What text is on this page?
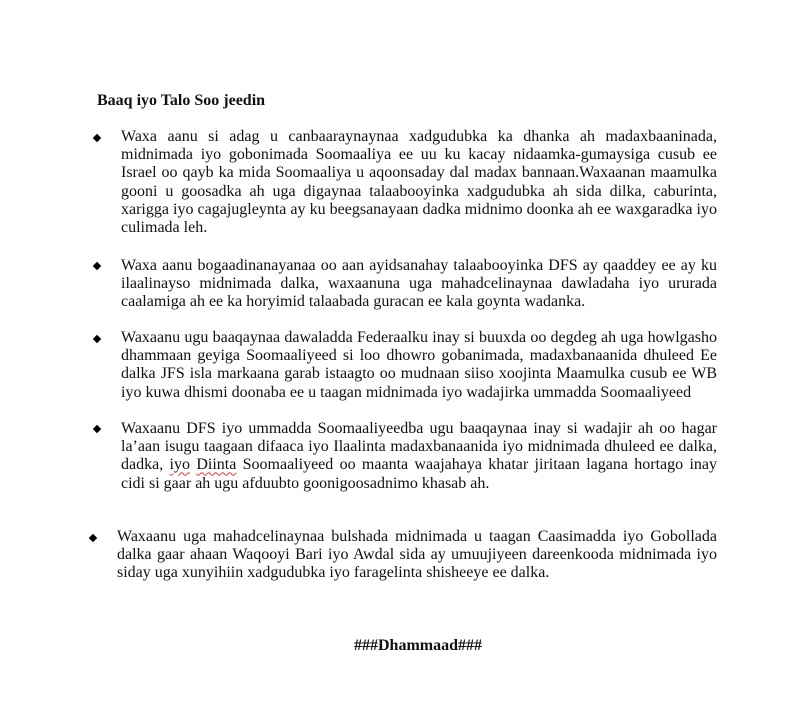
Baaq iyo Talo Soo jeedin
Waxa aanu si adag u canbaaraynaynaa xadgudubka ka dhanka ah madaxbaaninada, midnimada iyo gobonimada Soomaaliya ee uu ku kacay nidaamka-gumaysiga cusub ee Israel oo qayb ka mida Soomaaliya u aqoonsaday dal madax bannaan.Waxaanan maamulka gooni u goosadka ah uga digaynaa talaabooyinka xadgudubka ah sida dilka, caburinta, xarigga iyo cagajugleynta ay ku beegsanayaan dadka midnimo doonka ah ee waxgaradka iyo culimada leh.
Waxa aanu bogaadinanayanaa oo aan ayidsanahay talaabooyinka DFS ay qaaddey ee ay ku ilaalinayso midnimada dalka, waxaanuna uga mahadcelinaynaa dawladaha iyo ururada caalamiga ah ee ka horyimid talaabada guracan ee kala goynta wadanka.
Waxaanu ugu baaqaynaa dawaladda Federaalku inay si buuxda oo degdeg ah uga howlgasho dhammaan geyiga Soomaaliyeed si loo dhowro gobanimada, madaxbanaanida dhuleed Ee dalka JFS isla markaana garab istaagto oo mudnaan siiso xoojinta Maamulka cusub ee WB iyo kuwa dhismi doonaba ee u taagan midnimada iyo wadajirka ummadda Soomaaliyeed
Waxaanu DFS iyo ummadda Soomaaliyeedba ugu baaqaynaa inay si wadajir ah oo hagar la’aan isugu taagaan difaaca iyo Ilaalinta madaxbanaanida iyo midnimada dhuleed ee dalka, dadka, iyo Diinta Soomaaliyeed oo maanta waajahaya khatar jiritaan lagana hortago inay cidi si gaar ah ugu afduubto goonigoosadnimo khasab ah.
Waxaanu uga mahadcelinaynaa bulshada midnimada u taagan Caasimadda iyo Gobollada dalka gaar ahaan Waqooyi Bari iyo Awdal sida ay umuujiyeen dareenkooda midnimada iyo siday uga xunyihiin xadgudubka iyo faragelinta shisheeye ee dalka.
###Dhammaad###
